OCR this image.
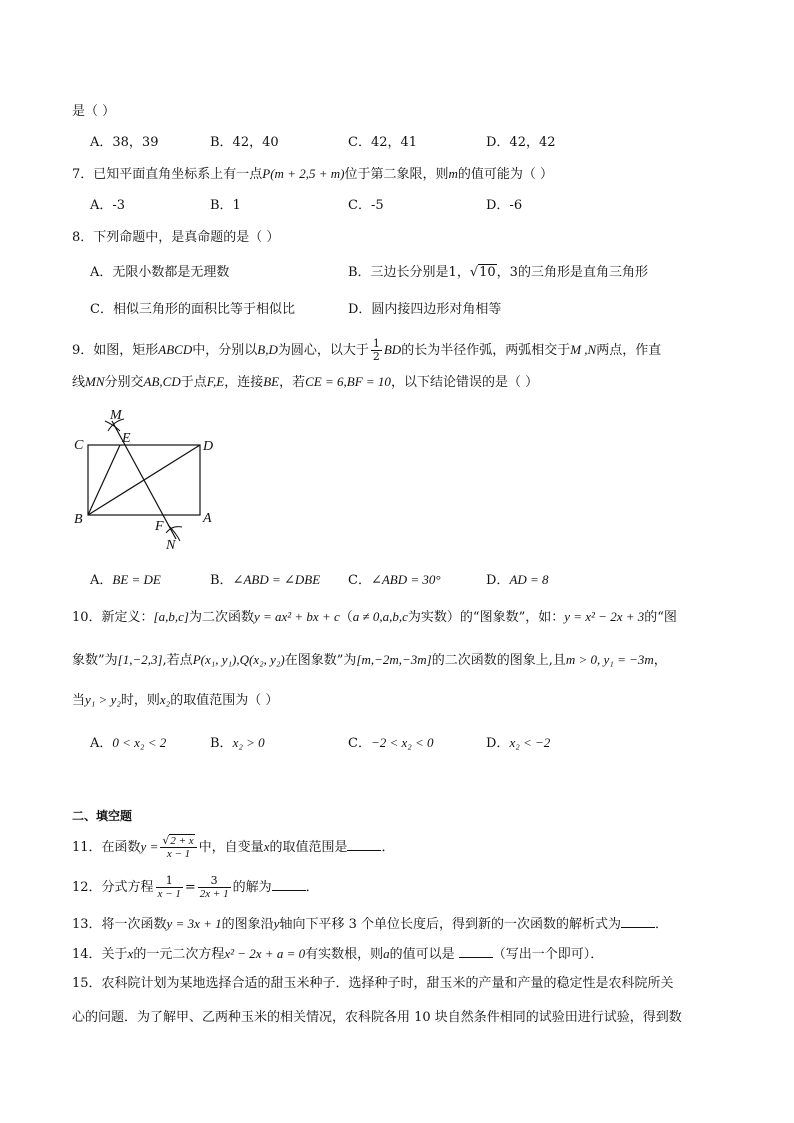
是（ ）
A．38，39	B．42，40	C．42，41	D．42，42
7．已知平面直角坐标系上有一点P(m + 2,5 + m)位于第二象限，则m的值可能为（ ）
A．-3	B．1	C．-5	D．-6
8．下列命题中，是真命题的是（ ）
A．无限小数都是无理数	B．三边长分别是1，√10，3的三角形是直角三角形
C．相似三角形的面积比等于相似比	D．圆内接四边形对角相等
9．如图，矩形ABCD中，分别以B,D为圆心，以大于 $\frac{1}{2}$ BD的长为半径作弧，两弧相交于M ,N两点，作直
线MN分别交AB,CD于点F,E，连接BE，若CE = 6,BF = 10，以下结论错误的是（ ）
M
E
C	D
B	F
A
N
A．BE = DE	B．∠ABD = ∠DBE C．∠ABD = 30°	D．AD = 8
10．新定义：[a,b,c]为二次函数y = ax² + bx + c（a ≠ 0,a,b,c为实数）的“图象数”，如：y = x² − 2x + 3的“图
象数”为[1,−2,3],若点P(x₁, y₁),Q(x₂, y₂)在图象数”为[m,−2m,−3m]的二次函数的图象上,且m > 0, y₁ = −3m，
当y₁ > y₂时，则x₂的取值范围为（ ）
A．0 < x₂ < 2	B．x₂ > 0	C．−2 < x₂ < 0	D．x₂ < −2
二、填空题
11．在函数$y = \frac{√2 + x}{x - 1}$ 中，自变量x的取值范围是	．
12．分式方程 $\frac{1}{x - 1} = \frac{3}{2x + 1}$ 的解为	．
13．将一次函数y = 3x + 1的图象沿y轴向下平移 3 个单位长度后，得到新的一次函数的解析式为	．
14．关于x的一元二次方程x² − 2x + a = 0有实数根，则a的值可以是	（写出一个即可）．
15．农科院计划为某地选择合适的甜玉米种子．选择种子时，甜玉米的产量和产量的稳定性是农科院所关
心的问题．为了解甲、乙两种玉米的相关情况，农科院各用 10 块自然条件相同的试验田进行试验，得到数
